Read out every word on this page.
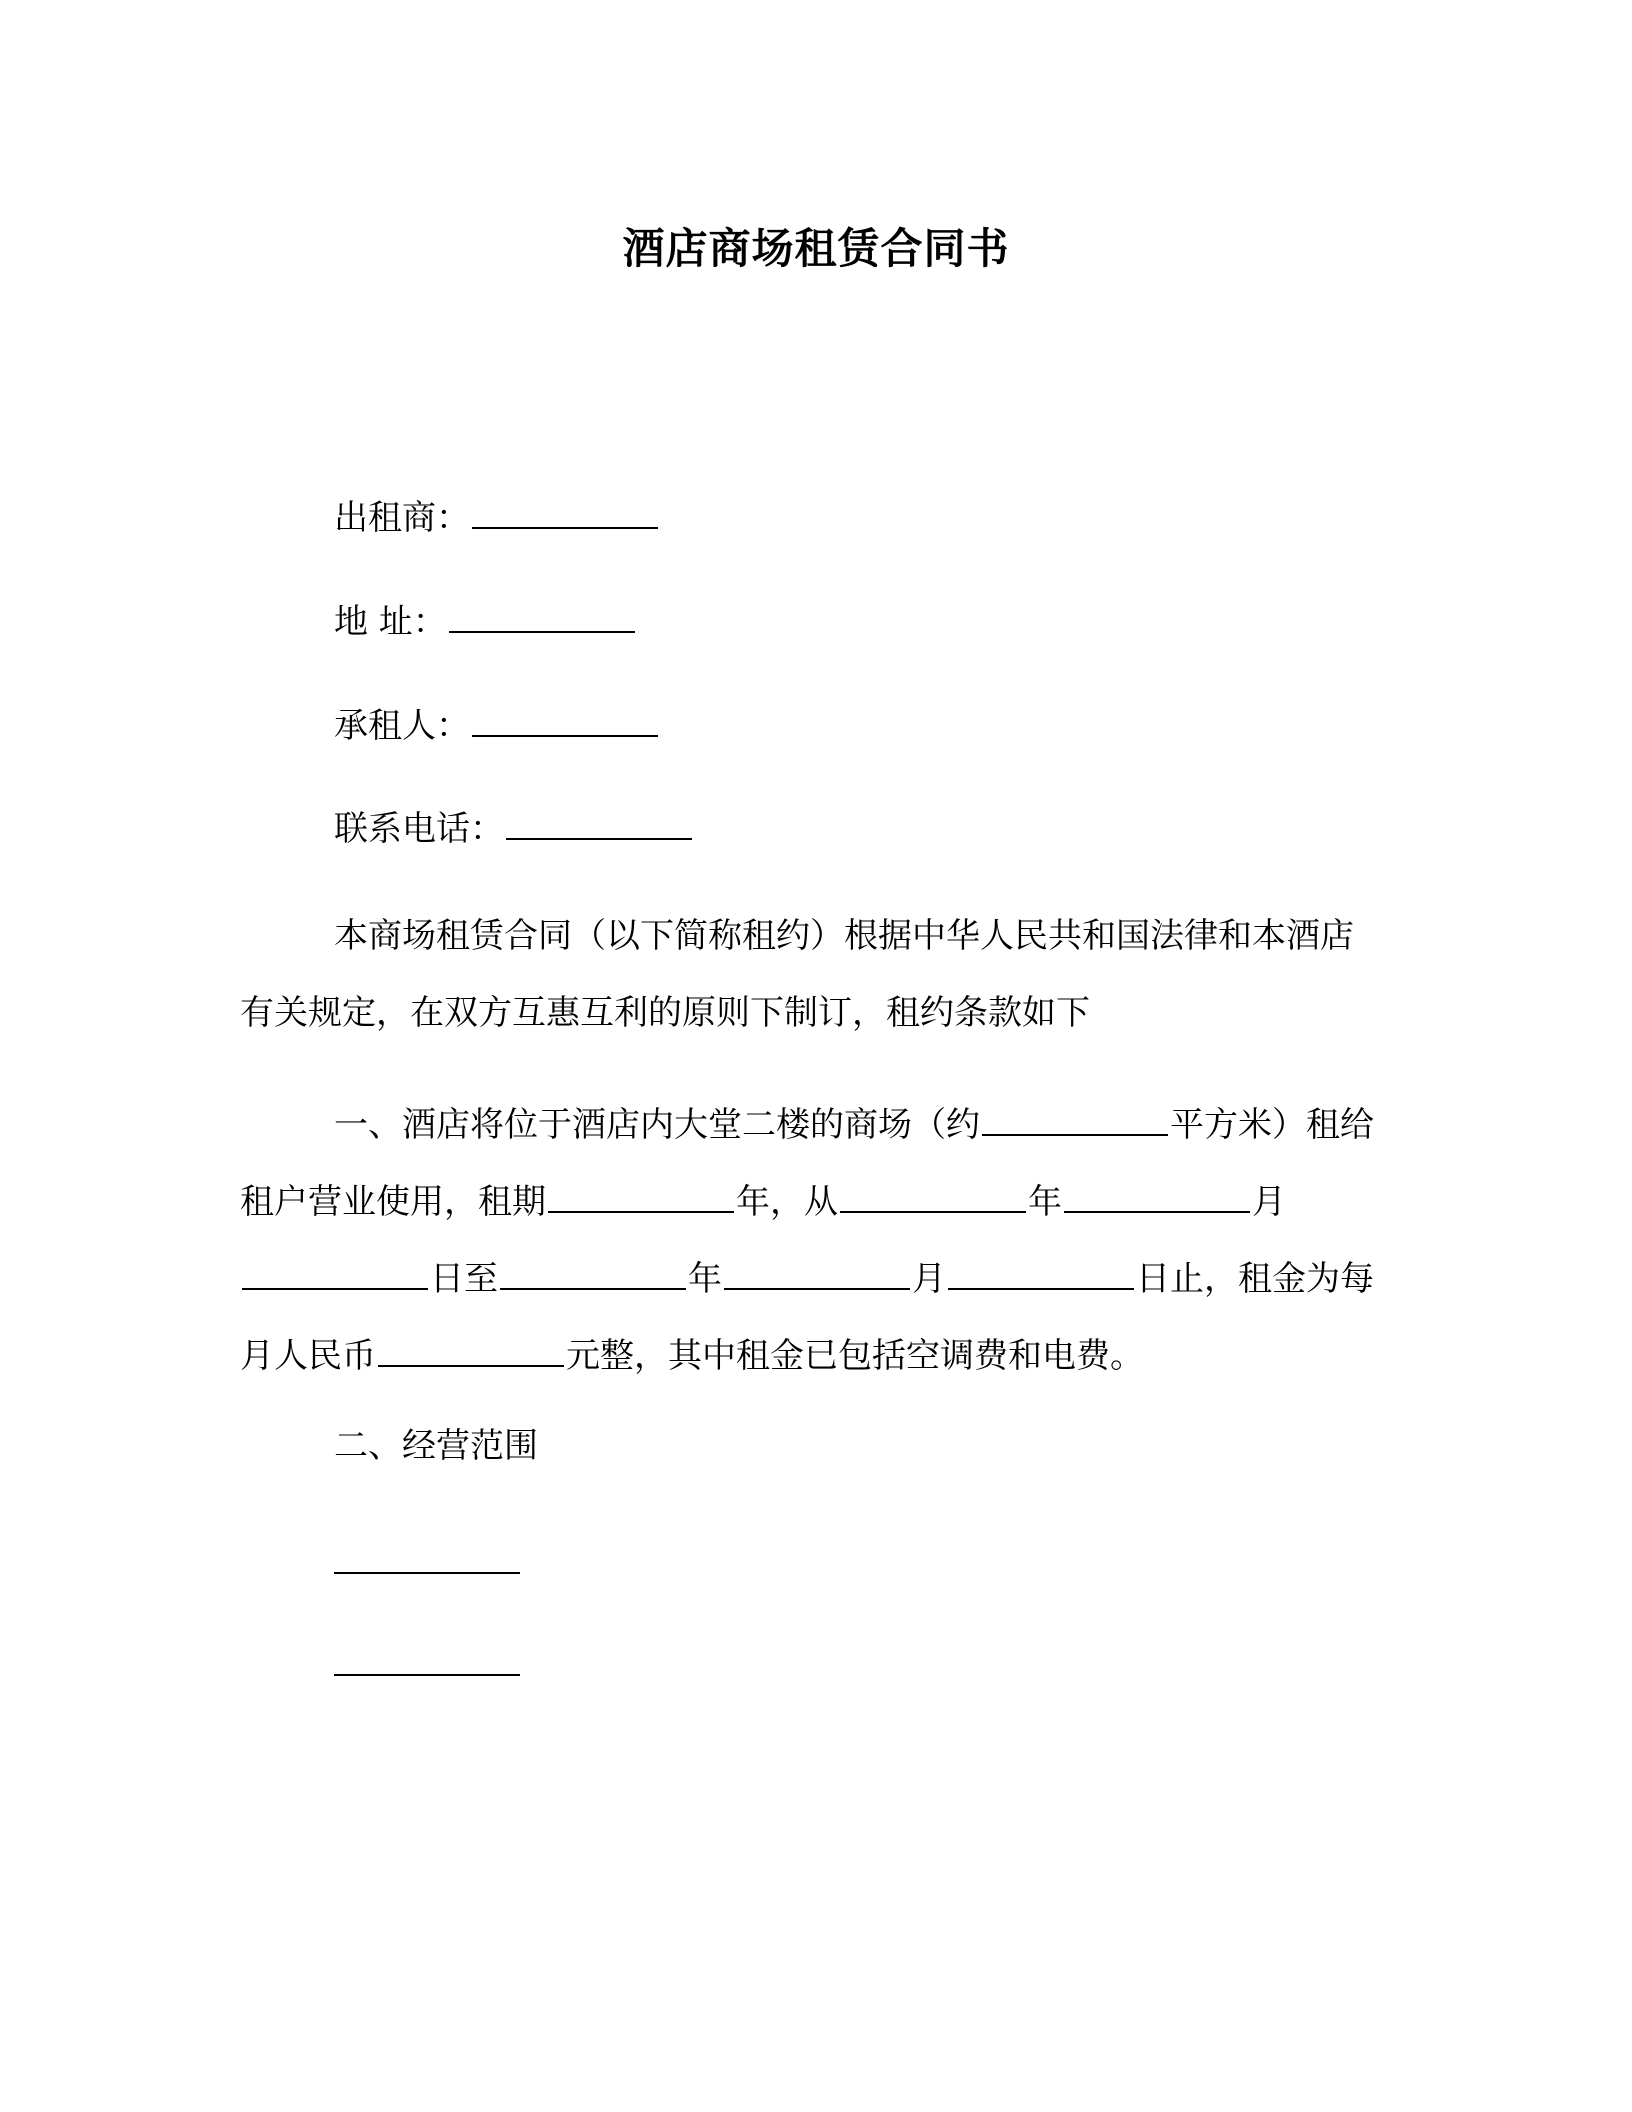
酒店商场租赁合同书
出租商：
地 址：
承租人：
联系电话：
本商场租赁合同（以下简称租约）根据中华人民共和国法律和本酒店有关规定，在双方互惠互利的原则下制订，租约条款如下
一、酒店将位于酒店内大堂二楼的商场（约	平方米）租给租户营业使用，租期	年，从	年	月日至	年	月	日止，租金为每月人民币	元整，其中租金已包括空调费和电费。
二、经营范围
